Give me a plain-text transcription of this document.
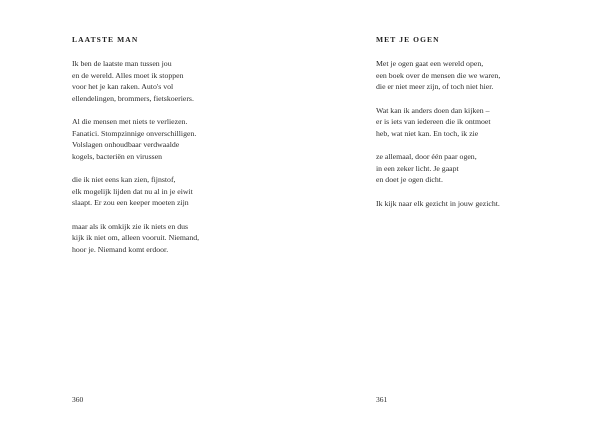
LAATSTE MAN

Ik ben de laatste man tussen jou
en de wereld. Alles moet ik stoppen
voor het je kan raken. Auto's vol
ellendelingen, brommers, fietskoeriers.

Al die mensen met niets te verliezen.
Fanatici. Stompzinnige onverschilligen.
Volslagen onhoudbaar verdwaalde
kogels, bacteriën en virussen

die ik niet eens kan zien, fijnstof,
elk mogelijk lijden dat nu al in je eiwit
slaapt. Er zou een keeper moeten zijn

maar als ik omkijk zie ik niets en dus
kijk ik niet om, alleen vooruit. Niemand,
hoor je. Niemand komt erdoor.

360
MET JE OGEN

Met je ogen gaat een wereld open,
een boek over de mensen die we waren,
die er niet meer zijn, of toch niet hier.

Wat kan ik anders doen dan kijken –
er is iets van iedereen die ik ontmoet
heb, wat niet kan. En toch, ik zie

ze allemaal, door één paar ogen,
in een zeker licht. Je gaapt
en doet je ogen dicht.

Ik kijk naar elk gezicht in jouw gezicht.

361
